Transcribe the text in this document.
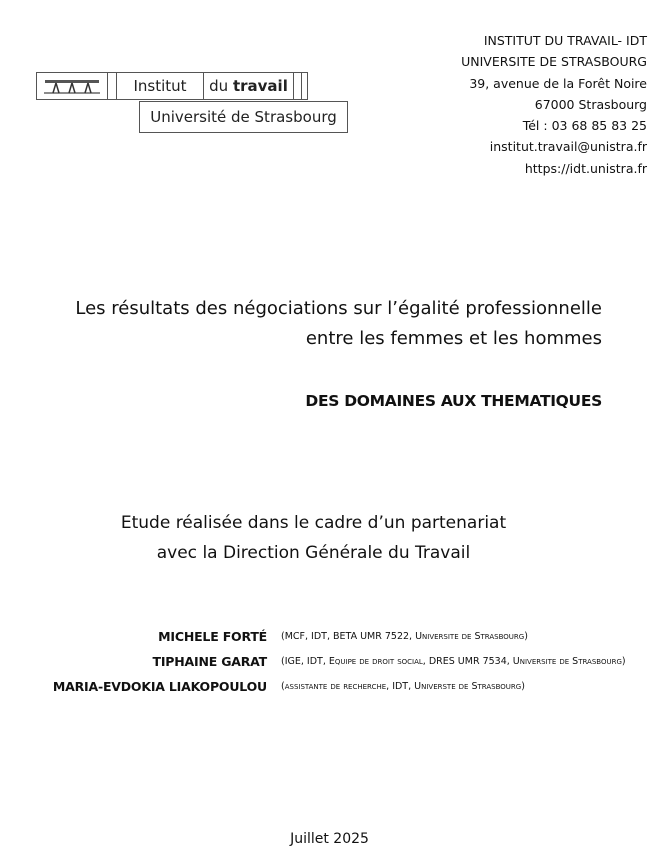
Institut	du
travail
Université de Strasbourg
INSTITUT DU TRAVAIL- IDT
UNIVERSITE DE STRASBOURG
39, avenue de la Forêt Noire
67000 Strasbourg
Tél : 03 68 85 83 25
institut.travail@unistra.fr
https://idt.unistra.fr
Les résultats des négociations sur l’égalité professionnelle
entre les femmes et les hommes
DES DOMAINES AUX THEMATIQUES
Etude réalisée dans le cadre d’un partenariat
avec la Direction Générale du Travail
MICHELE FORTÉ	(MCF, IDT, BETA UMR 7522, Universite de Strasbourg)
TIPHAINE GARAT	(IGE, IDT, Equipe de droit social, DRES UMR 7534, Universite de Strasbourg)
MARIA-EVDOKIA LIAKOPOULOU	(assistante de recherche, IDT, Universte de Strasbourg)
Juillet 2025
